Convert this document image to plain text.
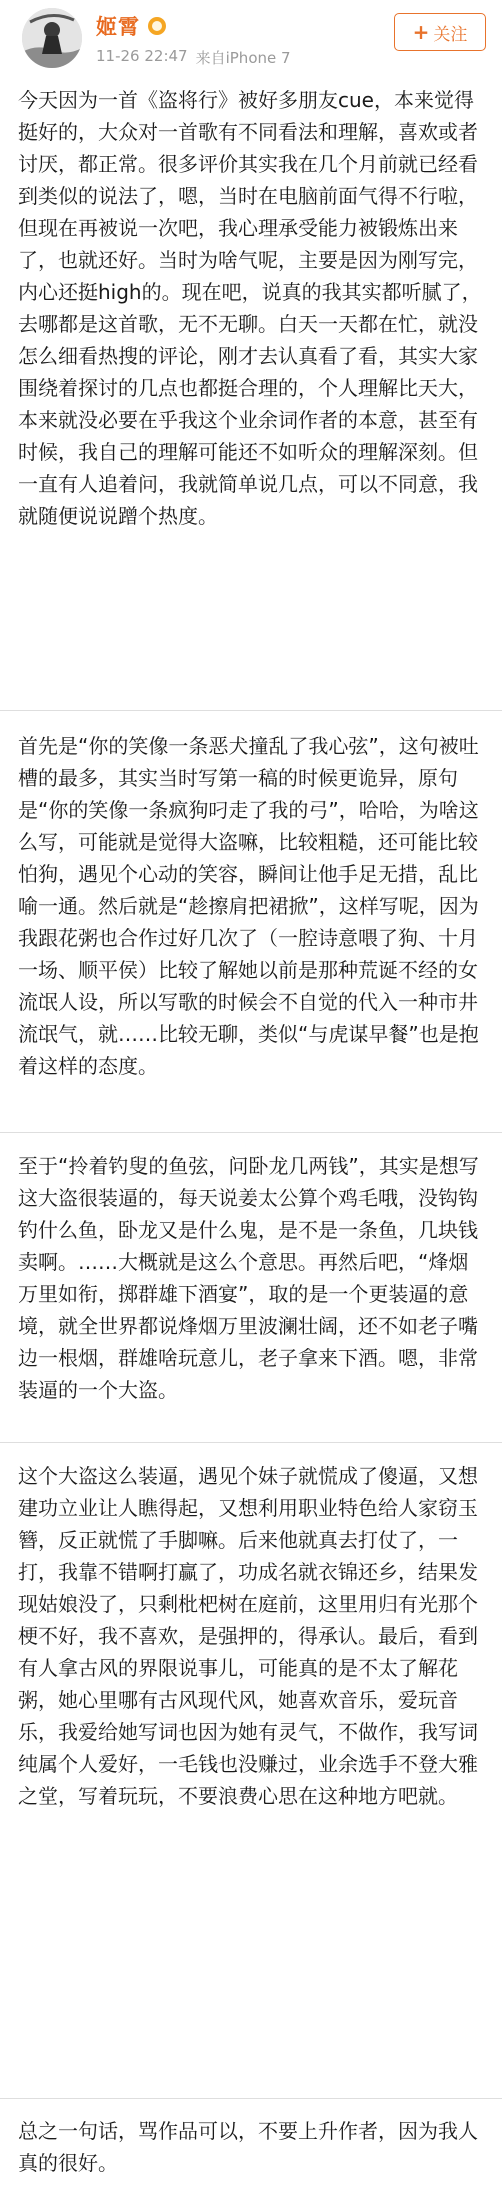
姬霄
11-26 22:47 来自iPhone 7
+ 关注
今天因为一首《盗将行》被好多朋友cue，本来觉得挺好的，大众对一首歌有不同看法和理解，喜欢或者讨厌，都正常。很多评价其实我在几个月前就已经看到类似的说法了，嗯，当时在电脑前面气得不行啦，但现在再被说一次吧，我心理承受能力被锻炼出来了，也就还好。当时为啥气呢，主要是因为刚写完，内心还挺high的。现在吧，说真的我其实都听腻了，去哪都是这首歌，无不无聊。白天一天都在忙，就没怎么细看热搜的评论，刚才去认真看了看，其实大家围绕着探讨的几点也都挺合理的，个人理解比天大，本来就没必要在乎我这个业余词作者的本意，甚至有时候，我自己的理解可能还不如听众的理解深刻。但一直有人追着问，我就简单说几点，可以不同意，我就随便说说蹭个热度。
首先是“你的笑像一条恶犬撞乱了我心弦”，这句被吐槽的最多，其实当时写第一稿的时候更诡异，原句是“你的笑像一条疯狗叼走了我的弓”，哈哈，为啥这么写，可能就是觉得大盗嘛，比较粗糙，还可能比较怕狗，遇见个心动的笑容，瞬间让他手足无措，乱比喻一通。然后就是“趁擦肩把裙掀”，这样写呢，因为我跟花粥也合作过好几次了（一腔诗意喂了狗、十月一场、顺平侯）比较了解她以前是那种荒诞不经的女流氓人设，所以写歌的时候会不自觉的代入一种市井流氓气，就……比较无聊，类似“与虎谋早餐”也是抱着这样的态度。
至于“拎着钓叟的鱼弦，问卧龙几两钱”，其实是想写这大盗很装逼的，每天说姜太公算个鸡毛哦，没钩钩钓什么鱼，卧龙又是什么鬼，是不是一条鱼，几块钱卖啊。……大概就是这么个意思。再然后吧，“烽烟万里如衔，掷群雄下酒宴”，取的是一个更装逼的意境，就全世界都说烽烟万里波澜壮阔，还不如老子嘴边一根烟，群雄啥玩意儿，老子拿来下酒。嗯，非常装逼的一个大盗。
这个大盗这么装逼，遇见个妹子就慌成了傻逼，又想建功立业让人瞧得起，又想利用职业特色给人家窃玉簪，反正就慌了手脚嘛。后来他就真去打仗了，一打，我靠不错啊打赢了，功成名就衣锦还乡，结果发现姑娘没了，只剩枇杷树在庭前，这里用归有光那个梗不好，我不喜欢，是强押的，得承认。最后，看到有人拿古风的界限说事儿，可能真的是不太了解花粥，她心里哪有古风现代风，她喜欢音乐，爱玩音乐，我爱给她写词也因为她有灵气，不做作，我写词纯属个人爱好，一毛钱也没赚过，业余选手不登大雅之堂，写着玩玩，不要浪费心思在这种地方吧就。
总之一句话，骂作品可以，不要上升作者，因为我人真的很好。
